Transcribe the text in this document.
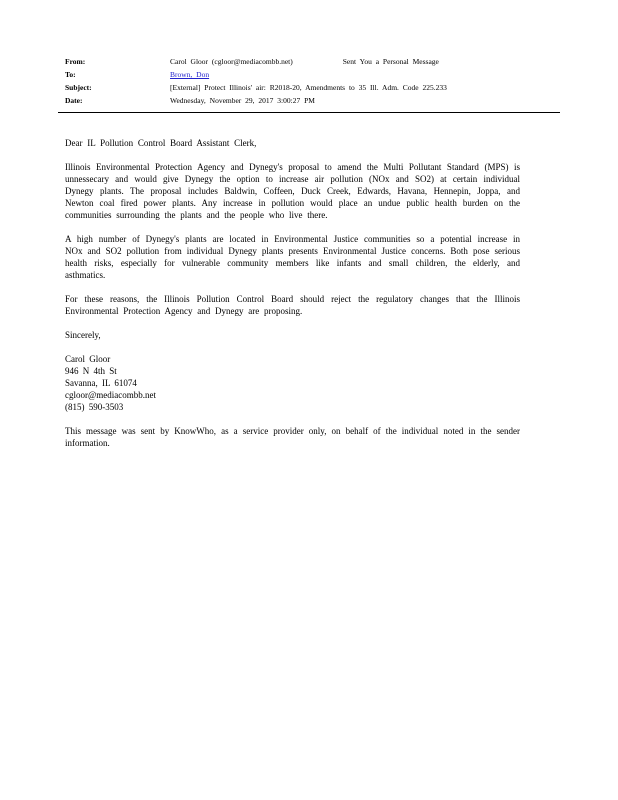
From:	Carol Gloor (cgloor@mediacombb.net)	Sent You a Personal Message
To:	Brown, Don
Subject:	[External] Protect Illinois' air: R2018-20, Amendments to 35 Ill. Adm. Code 225.233
Date:	Wednesday, November 29, 2017 3:00:27 PM
Dear IL Pollution Control Board Assistant Clerk,

Illinois Environmental Protection Agency and Dynegy's proposal to amend the Multi Pollutant Standard (MPS) is unnessecary and would give Dynegy the option to increase air pollution (NOx and SO2) at certain individual Dynegy plants. The proposal includes Baldwin, Coffeen, Duck Creek, Edwards, Havana, Hennepin, Joppa, and Newton coal fired power plants. Any increase in pollution would place an undue public health burden on the communities surrounding the plants and the people who live there.

A high number of Dynegy's plants are located in Environmental Justice communities so a potential increase in NOx and SO2 pollution from individual Dynegy plants presents Environmental Justice concerns. Both pose serious health risks, especially for vulnerable community members like infants and small children, the elderly, and asthmatics.

For these reasons, the Illinois Pollution Control Board should reject the regulatory changes that the Illinois Environmental Protection Agency and Dynegy are proposing.

Sincerely,
Carol Gloor
946 N 4th St
Savanna, IL 61074
cgloor@mediacombb.net
(815) 590-3503

This message was sent by KnowWho, as a service provider only, on behalf of the individual noted in the sender information.
